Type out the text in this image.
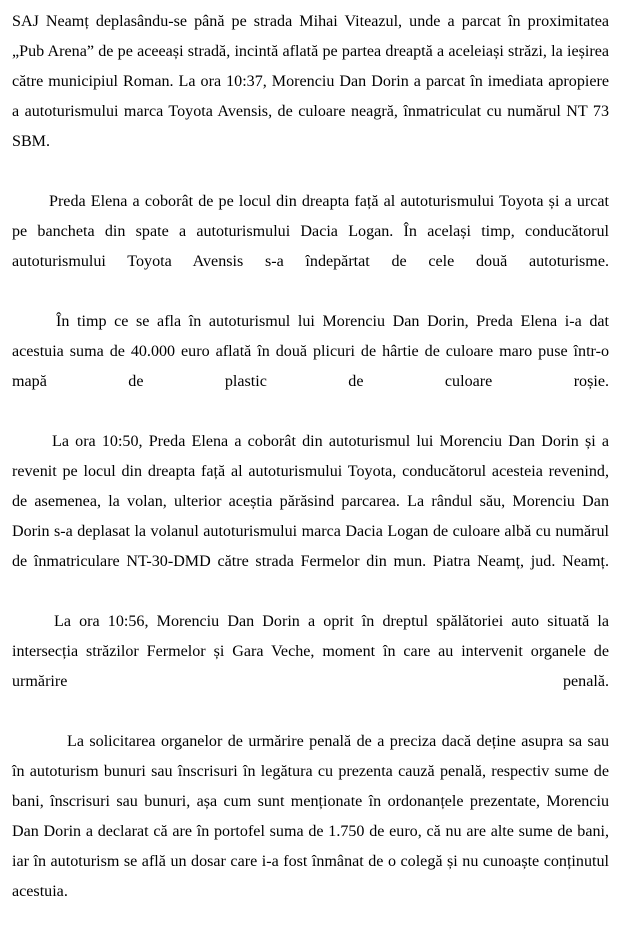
SAJ Neamț deplasându-se până pe strada Mihai Viteazul, unde a parcat în proximitatea „Pub Arena” de pe aceeași stradă, incintă aflată pe partea dreaptă a aceleiași străzi, la ieșirea către municipiul Roman. La ora 10:37, Morenciu Dan Dorin a parcat în imediata apropiere a autoturismului marca Toyota Avensis, de culoare neagră, înmatriculat cu numărul NT 73 SBM.

Preda Elena a coborât de pe locul din dreapta față al autoturismului Toyota și a urcat pe bancheta din spate a autoturismului Dacia Logan. În același timp, conducătorul autoturismului Toyota Avensis s-a îndepărtat de cele două autoturisme.

În timp ce se afla în autoturismul lui Morenciu Dan Dorin, Preda Elena i-a dat acestuia suma de 40.000 euro aflată în două plicuri de hârtie de culoare maro puse într-o mapă de plastic de culoare roșie.

La ora 10:50, Preda Elena a coborât din autoturismul lui Morenciu Dan Dorin și a revenit pe locul din dreapta față al autoturismului Toyota, conducătorul acesteia revenind, de asemenea, la volan, ulterior aceștia părăsind parcarea. La rândul său, Morenciu Dan Dorin s-a deplasat la volanul autoturismului marca Dacia Logan de culoare albă cu numărul de înmatriculare NT-30-DMD către strada Fermelor din mun. Piatra Neamț, jud. Neamț.

La ora 10:56, Morenciu Dan Dorin a oprit în dreptul spălătoriei auto situată la intersecția străzilor Fermelor și Gara Veche, moment în care au intervenit organele de urmărire penală.

La solicitarea organelor de urmărire penală de a preciza dacă deține asupra sa sau în autoturism bunuri sau înscrisuri în legătura cu prezenta cauză penală, respectiv sume de bani, înscrisuri sau bunuri, așa cum sunt menționate în ordonanțele prezentate, Morenciu Dan Dorin a declarat că are în portofel suma de 1.750 de euro, că nu are alte sume de bani, iar în autoturism se află un dosar care i-a fost înmânat de o colegă și nu cunoaște conținutul acestuia.
